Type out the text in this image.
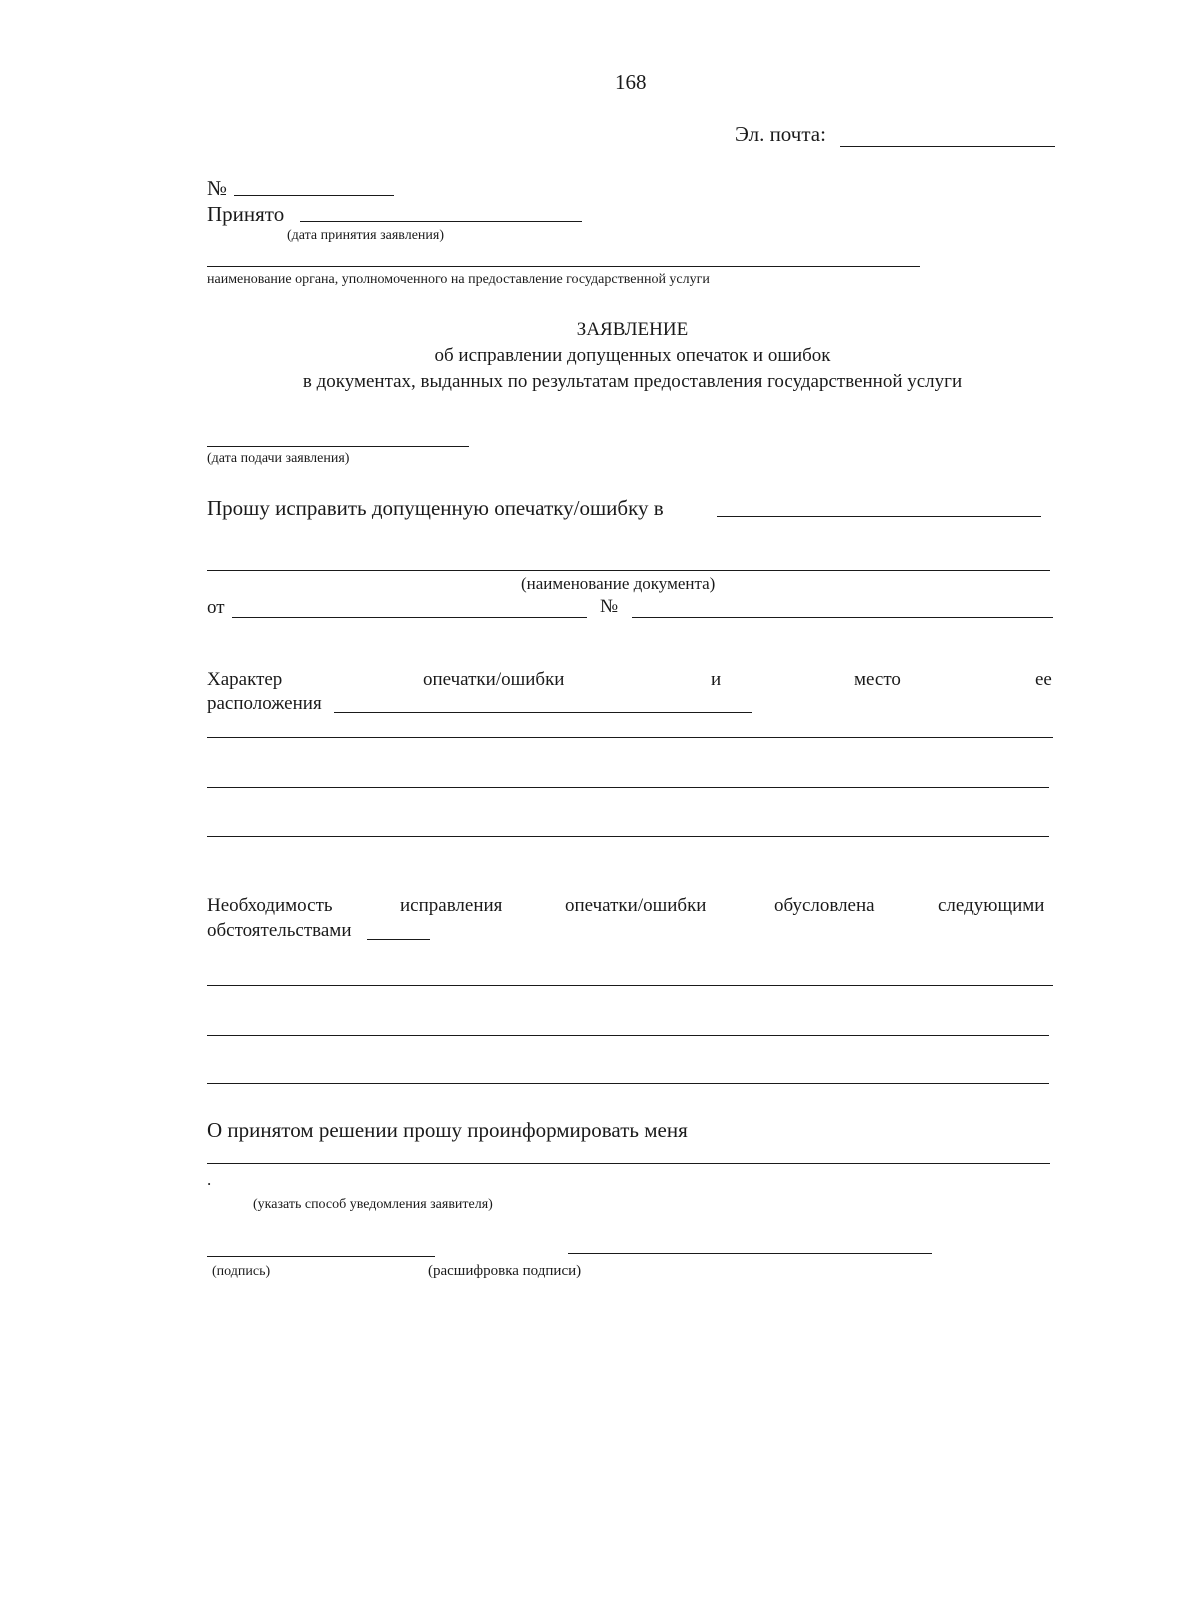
168
Эл. почта:
№
Принято
(дата принятия заявления)
наименование органа, уполномоченного на предоставление государственной услуги
ЗАЯВЛЕНИЕ
об исправлении допущенных опечаток и ошибок
в документах, выданных по результатам предоставления государственной услуги
(дата подачи заявления)
Прошу исправить допущенную опечатку/ошибку в
(наименование документа)
от	№
Характер	опечатки/ошибки	и	место	ее
расположения
Необходимость	исправления	опечатки/ошибки	обусловлена	следующими
обстоятельствами
О принятом решении прошу проинформировать меня
.
(указать способ уведомления заявителя)
(подпись)	(расшифровка подписи)
